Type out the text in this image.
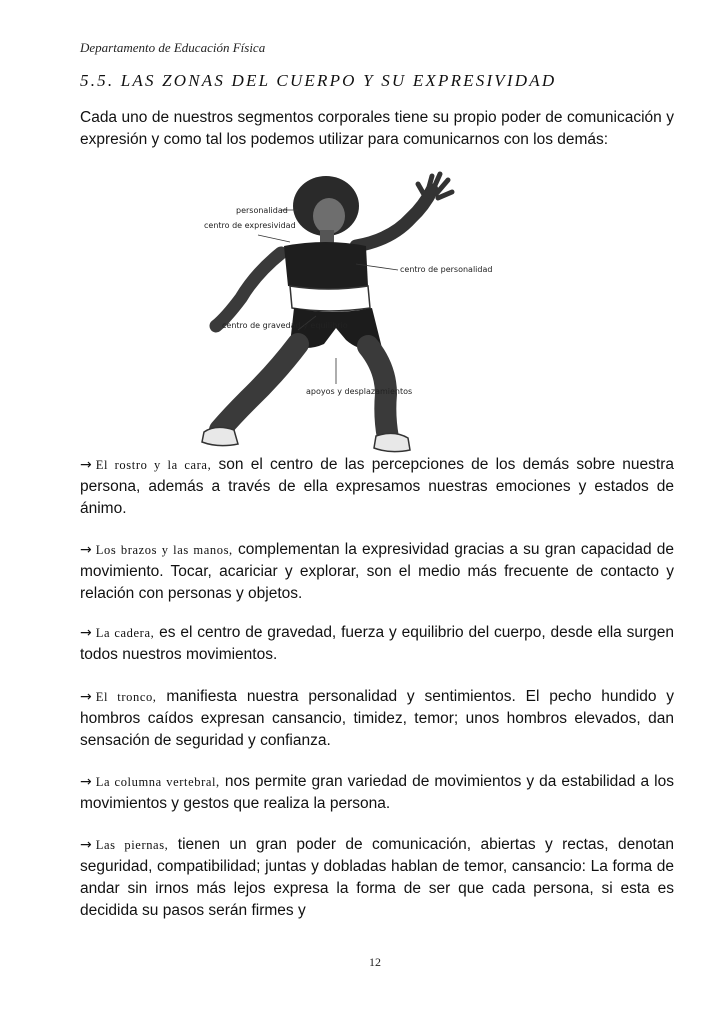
Departamento de Educación Física
5.5. LAS ZONAS DEL CUERPO Y SU EXPRESIVIDAD
Cada uno de nuestros segmentos corporales tiene su propio poder de comunicación y expresión y como tal los podemos utilizar para comunicarnos con los demás:
personalidad
centro de expresividad
centro de personalidad
centro de gravedad y equilibrio
apoyos y desplazamientos
→ El rostro y la cara, son el centro de las percepciones de los demás sobre nuestra persona, además a través de ella expresamos nuestras emociones y estados de ánimo.
→ Los brazos y las manos, complementan la expresividad gracias a su gran capacidad de movimiento. Tocar, acariciar y explorar, son el medio más frecuente de contacto y relación con personas y objetos.
→ La cadera, es el centro de gravedad, fuerza y equilibrio del cuerpo, desde ella surgen todos nuestros movimientos.
→ El tronco, manifiesta nuestra personalidad y sentimientos. El pecho hundido y hombros caídos expresan cansancio, timidez, temor; unos hombros elevados, dan sensación de seguridad y confianza.
→ La columna vertebral, nos permite gran variedad de movimientos y da estabilidad a los movimientos y gestos que realiza la persona.
→ Las piernas, tienen un gran poder de comunicación, abiertas y rectas, denotan seguridad, compatibilidad; juntas y dobladas hablan de temor, cansancio: La forma de andar sin irnos más lejos expresa la forma de ser que cada persona, si esta es decidida su pasos serán firmes y
12
